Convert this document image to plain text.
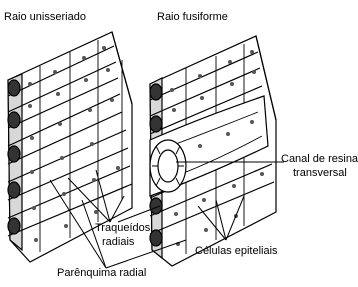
Raio unisseriado	Raio fusiforme
Canal de resina
transversal
Traqueídos
radiais
Células epiteliais
Parênquima radial
